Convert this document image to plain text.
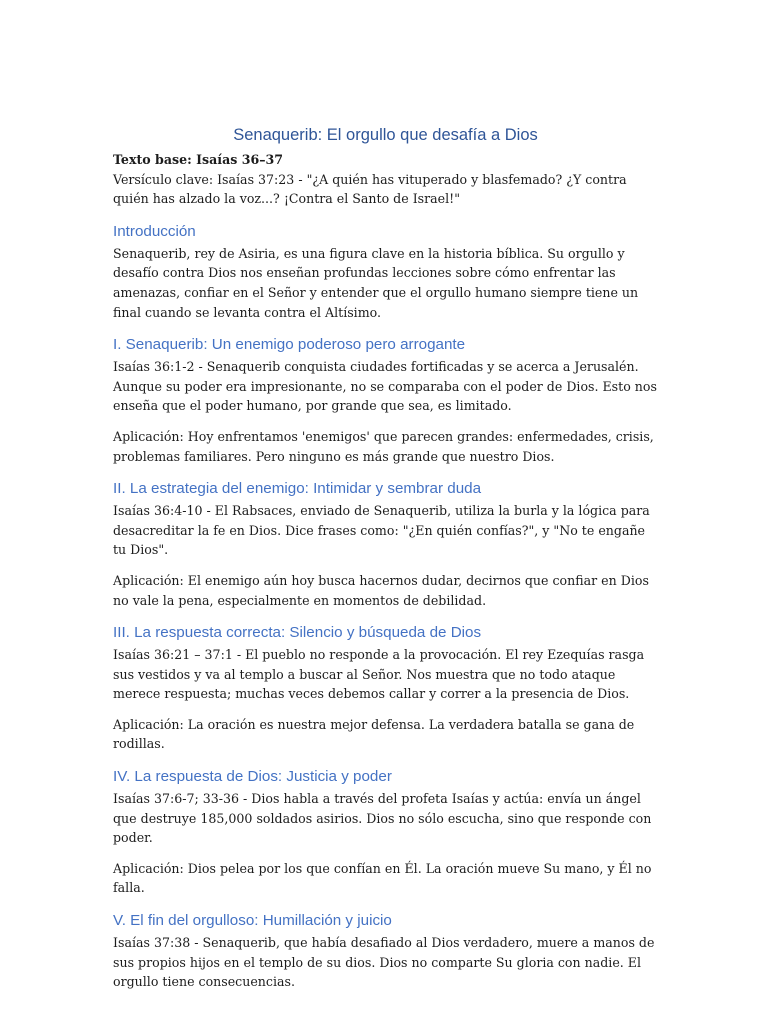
Senaquerib: El orgullo que desafía a Dios

Texto base: Isaías 36–37

Versículo clave: Isaías 37:23 - "¿A quién has vituperado y blasfemado? ¿Y contra quién has alzado la voz...? ¡Contra el Santo de Israel!"

Introducción

Senaquerib, rey de Asiria, es una figura clave en la historia bíblica. Su orgullo y desafío contra Dios nos enseñan profundas lecciones sobre cómo enfrentar las amenazas, confiar en el Señor y entender que el orgullo humano siempre tiene un final cuando se levanta contra el Altísimo.

I. Senaquerib: Un enemigo poderoso pero arrogante

Isaías 36:1-2 - Senaquerib conquista ciudades fortificadas y se acerca a Jerusalén. Aunque su poder era impresionante, no se comparaba con el poder de Dios. Esto nos enseña que el poder humano, por grande que sea, es limitado.

Aplicación: Hoy enfrentamos 'enemigos' que parecen grandes: enfermedades, crisis, problemas familiares. Pero ninguno es más grande que nuestro Dios.

II. La estrategia del enemigo: Intimidar y sembrar duda

Isaías 36:4-10 - El Rabsaces, enviado de Senaquerib, utiliza la burla y la lógica para desacreditar la fe en Dios. Dice frases como: "¿En quién confías?", y "No te engañe tu Dios".

Aplicación: El enemigo aún hoy busca hacernos dudar, decirnos que confiar en Dios no vale la pena, especialmente en momentos de debilidad.

III. La respuesta correcta: Silencio y búsqueda de Dios

Isaías 36:21 – 37:1 - El pueblo no responde a la provocación. El rey Ezequías rasga sus vestidos y va al templo a buscar al Señor. Nos muestra que no todo ataque merece respuesta; muchas veces debemos callar y correr a la presencia de Dios.

Aplicación: La oración es nuestra mejor defensa. La verdadera batalla se gana de rodillas.

IV. La respuesta de Dios: Justicia y poder

Isaías 37:6-7; 33-36 - Dios habla a través del profeta Isaías y actúa: envía un ángel que destruye 185,000 soldados asirios. Dios no sólo escucha, sino que responde con poder.

Aplicación: Dios pelea por los que confían en Él. La oración mueve Su mano, y Él no falla.

V. El fin del orgulloso: Humillación y juicio

Isaías 37:38 - Senaquerib, que había desafiado al Dios verdadero, muere a manos de sus propios hijos en el templo de su dios. Dios no comparte Su gloria con nadie. El orgullo tiene consecuencias.
